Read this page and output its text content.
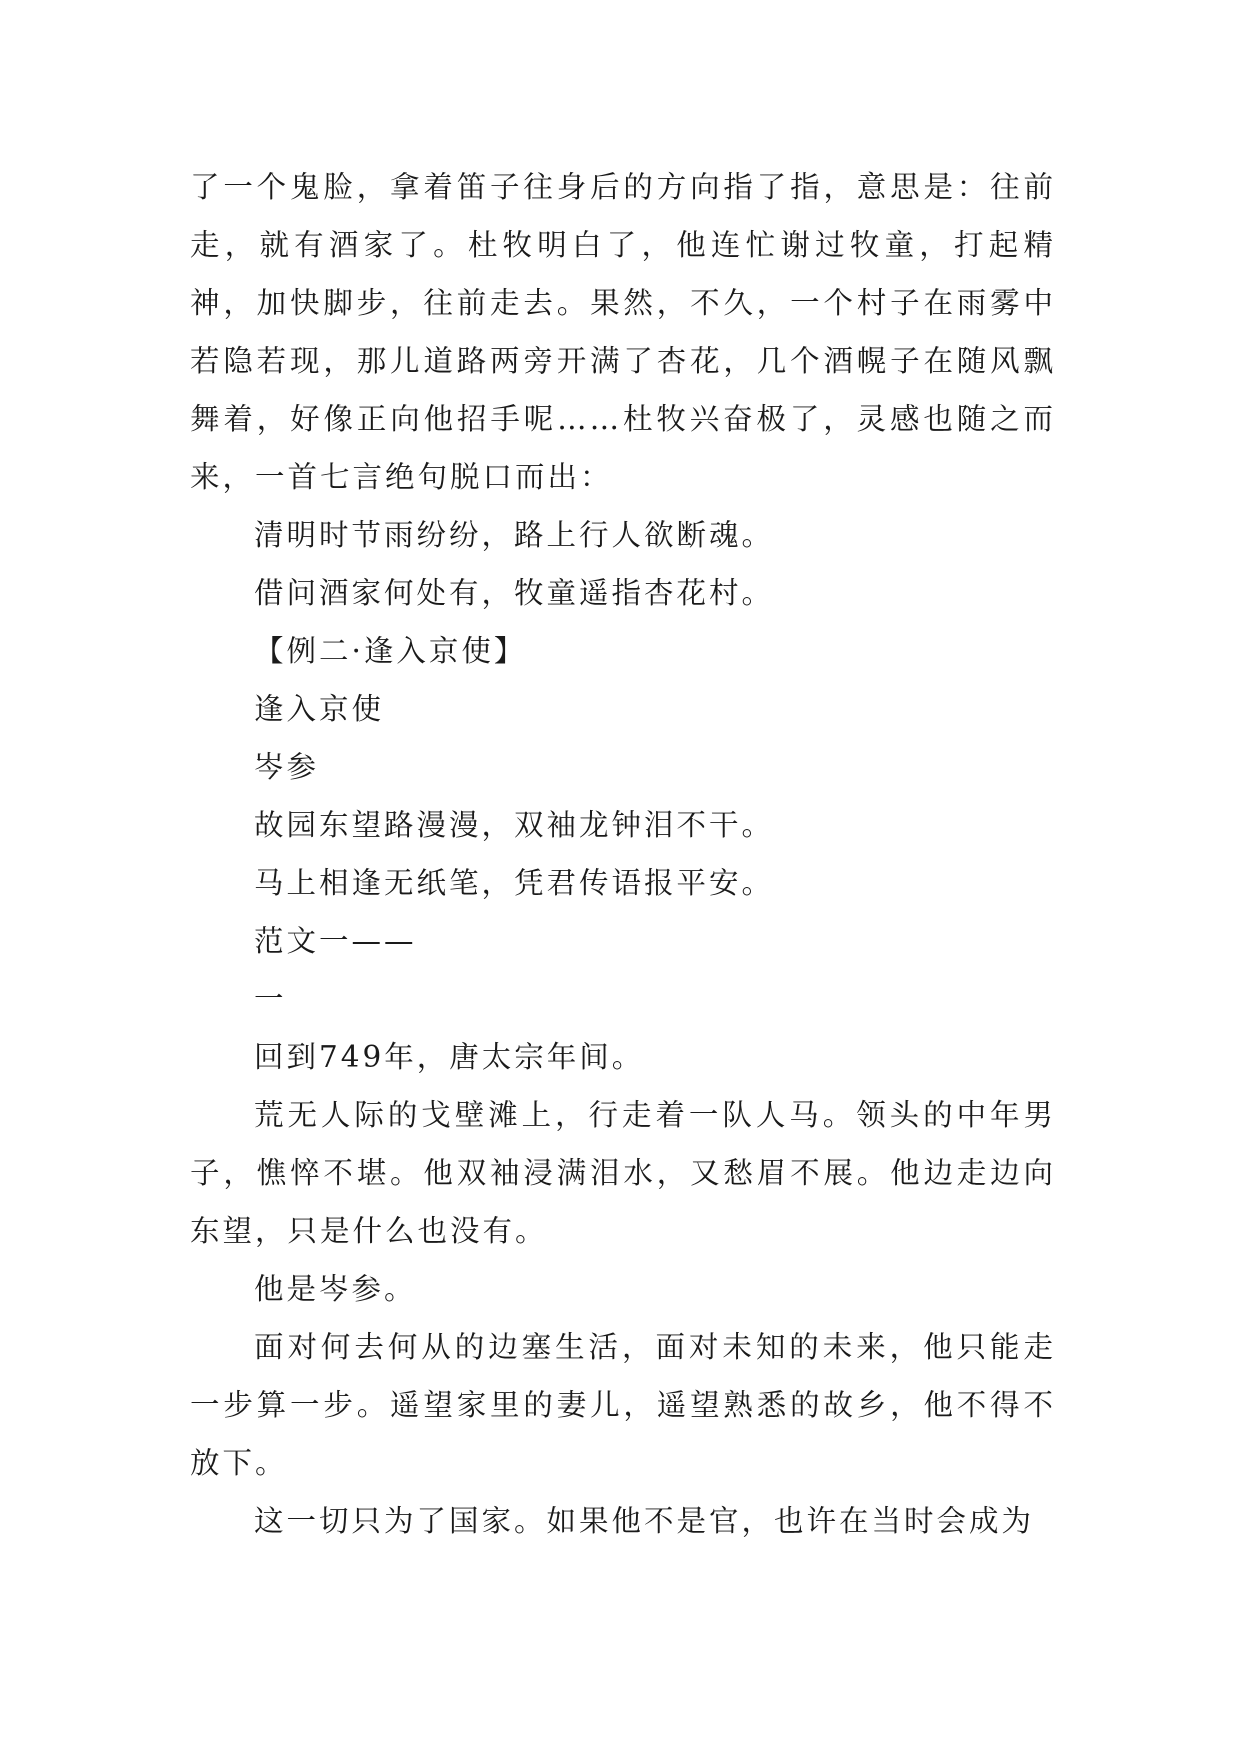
了一个鬼脸，拿着笛子往身后的方向指了指，意思是：往前走，就有酒家了。杜牧明白了，他连忙谢过牧童，打起精神，加快脚步，往前走去。果然，不久，一个村子在雨雾中若隐若现，那儿道路两旁开满了杏花，几个酒幌子在随风飘舞着，好像正向他招手呢……杜牧兴奋极了，灵感也随之而来，一首七言绝句脱口而出：

清明时节雨纷纷，路上行人欲断魂。

借问酒家何处有，牧童遥指杏花村。

【例二·逢入京使】

逢入京使

岑参

故园东望路漫漫，双袖龙钟泪不干。

马上相逢无纸笔，凭君传语报平安。

范文一——

一

回到749年，唐太宗年间。

荒无人际的戈壁滩上，行走着一队人马。领头的中年男子，憔悴不堪。他双袖浸满泪水，又愁眉不展。他边走边向东望，只是什么也没有。

他是岑参。

面对何去何从的边塞生活，面对未知的未来，他只能走一步算一步。遥望家里的妻儿，遥望熟悉的故乡，他不得不放下。

这一切只为了国家。如果他不是官，也许在当时会成为
